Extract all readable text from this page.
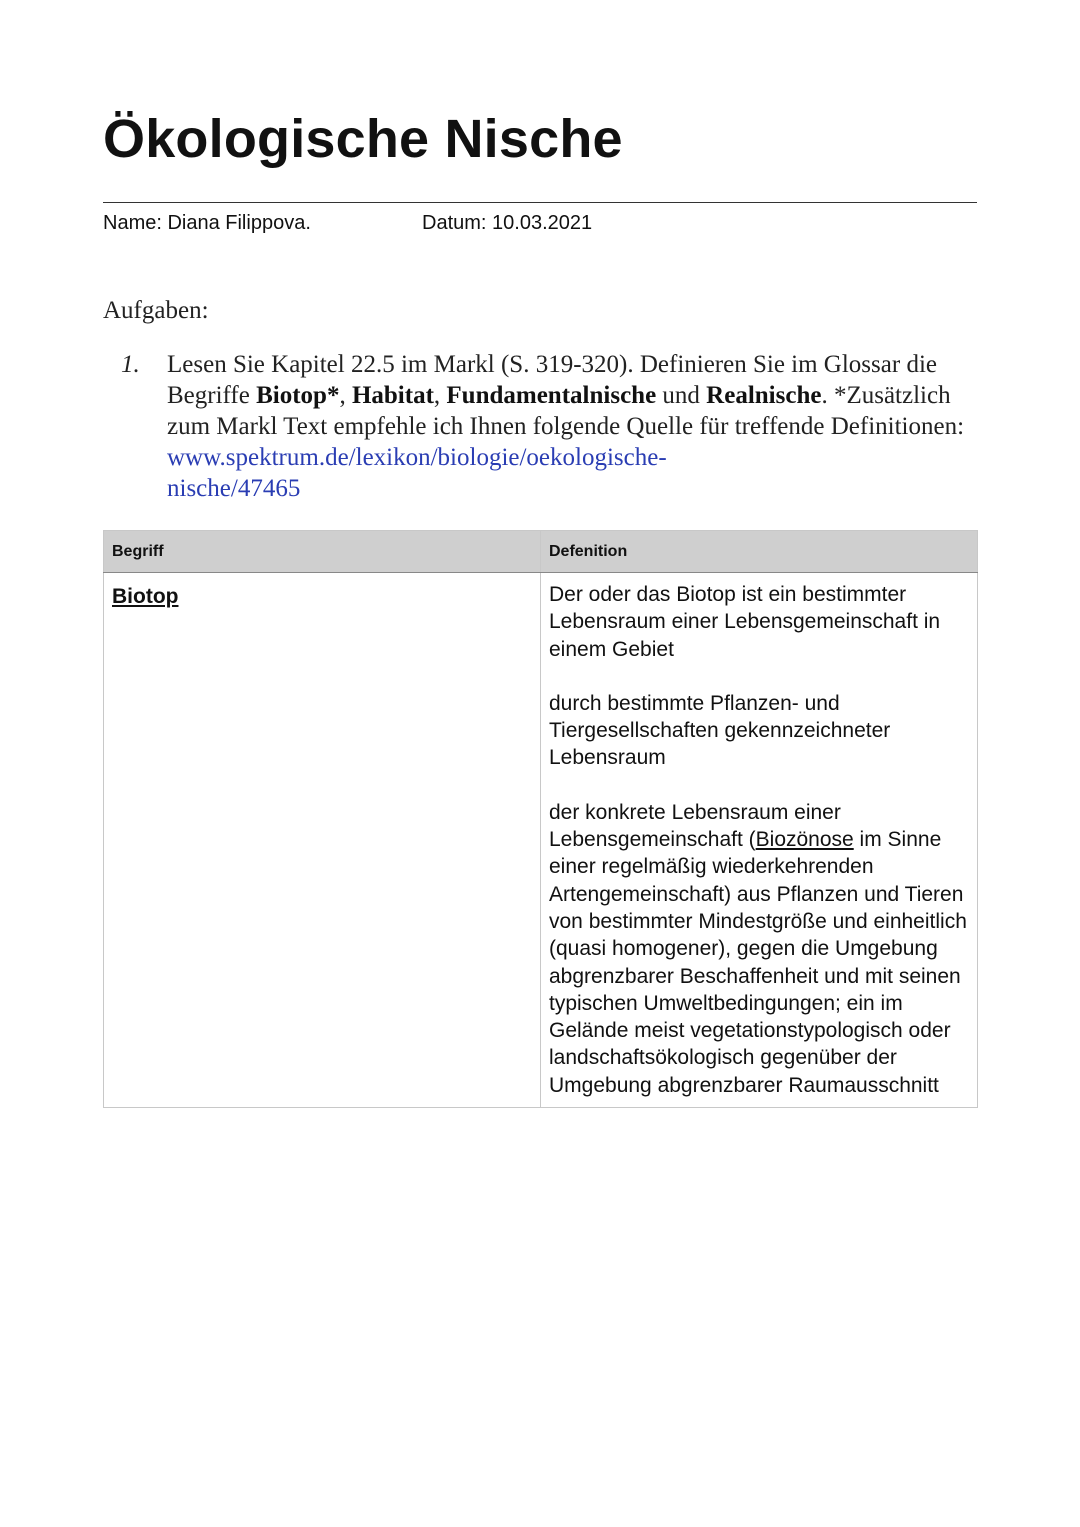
Ökologische Nische
Name: Diana Filippova.	Datum: 10.03.2021
Aufgaben:
1. Lesen Sie Kapitel 22.5 im Markl (S. 319-320). Definieren Sie im Glossar die Begriffe Biotop*, Habitat, Fundamentalnische und Realnische. *Zusätzlich zum Markl Text empfehle ich Ihnen folgende Quelle für treffende Definitionen: www.spektrum.de/lexikon/biologie/oekologische-
nische/47465
Begriff	Defenition
Biotop	Der oder das Biotop ist ein bestimmter Lebensraum einer Lebensgemeinschaft in einem Gebiet

durch bestimmte Pflanzen- und Tiergesellschaften gekennzeichneter Lebensraum

der konkrete Lebensraum einer Lebensgemeinschaft (Biozönose im Sinne einer regelmäßig wiederkehrenden Artengemeinschaft) aus Pflanzen und Tieren von bestimmter Mindestgröße und einheitlich (quasi homogener), gegen die Umgebung abgrenzbarer Beschaffenheit und mit seinen typischen Umweltbedingungen; ein im Gelände meist vegetationstypologisch oder landschaftsökologisch gegenüber der Umgebung abgrenzbarer Raumausschnitt
